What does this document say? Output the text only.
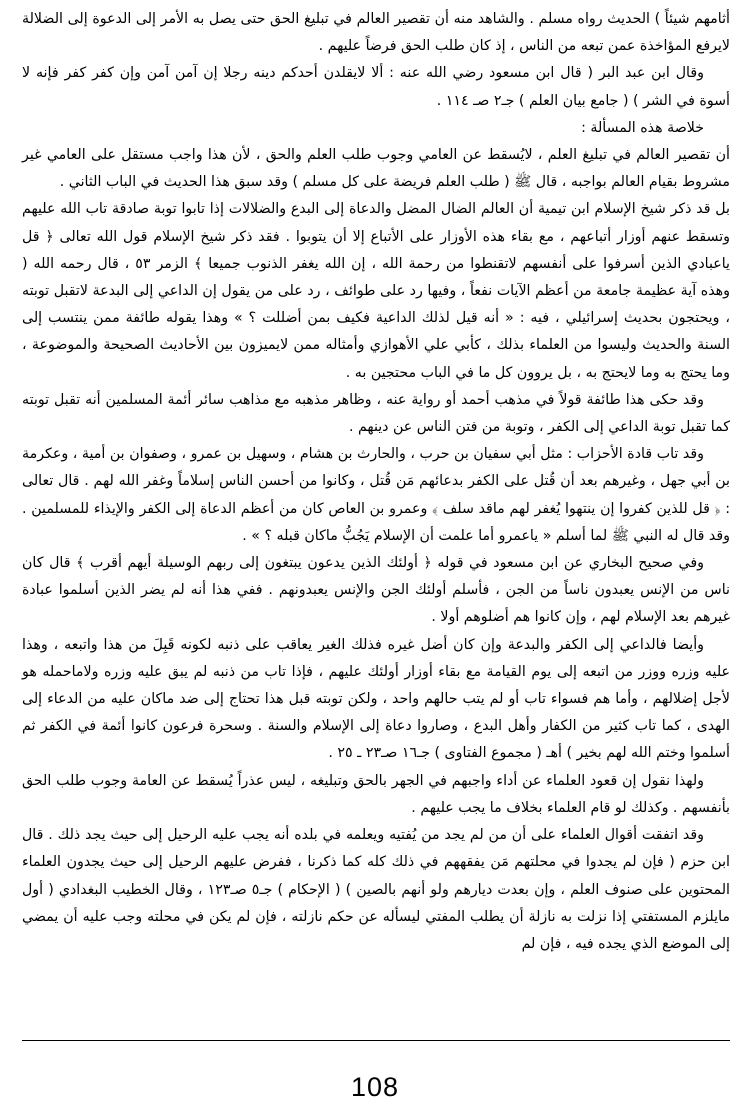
أثامهم شيئاً ) الحديث رواه مسلم . والشاهد منه أن تقصير العالم في تبليغ الحق حتى يصل به الأمر إلى الدعوة إلى الضلالة لايرفع المؤاخذة عمن تبعه من الناس ، إذ كان طلب الحق فرضاً عليهم .

وقال ابن عبد البر ( قال ابن مسعود رضي الله عنه : ألا لايقلدن أحدكم دينه رجلا إن آمن آمن وإن كفر كفر فإنه لا أسوة في الشر ) ( جامع بيان العلم ) جـ٢ صـ ١١٤ .

خلاصة هذه المسألة :

أن تقصير العالم في تبليغ العلم ، لايُسقط عن العامي وجوب طلب العلم والحق ، لأن هذا واجب مستقل على العامي غير مشروط بقيام العالم بواجبه ، قال ﷺ ( طلب العلم فريضة على كل مسلم ) وقد سبق هذا الحديث في الباب الثاني .

بل قد ذكر شيخ الإسلام ابن تيمية أن العالم الضال المضل والدعاة إلى البدع والضلالات إذا تابوا توبة صادقة تاب الله عليهم وتسقط عنهم أوزار أتباعهم ، مع بقاء هذه الأوزار على الأتباع إلا أن يتوبوا . فقد ذكر شيخ الإسلام قول الله تعالى ﴿ قل ياعبادي الذين أسرفوا على أنفسهم لاتقنطوا من رحمة الله ، إن الله يغفر الذنوب جميعا ﴾ الزمر ٥٣ ، قال رحمه الله ( وهذه آية عظيمة جامعة من أعظم الآيات نفعاً ، وفيها رد على طوائف ، رد على من يقول إن الداعي إلى البدعة لاتقبل توبته ، ويحتجون بحديث إسرائيلي ، فيه : « أنه قيل لذلك الداعية فكيف بمن أضللت ؟ » وهذا يقوله طائفة ممن ينتسب إلى السنة والحديث وليسوا من العلماء بذلك ، كأبي علي الأهوازي وأمثاله ممن لايميزون بين الأحاديث الصحيحة والموضوعة ، وما يحتج به وما لايحتج به ، بل يروون كل ما في الباب محتجين به .

وقد حكى هذا طائفة قولاً في مذهب أحمد أو رواية عنه ، وظاهر مذهبه مع مذاهب سائر أئمة المسلمين أنه تقبل توبته كما تقبل توبة الداعي إلى الكفر ، وتوبة من فتن الناس عن دينهم .

وقد تاب قادة الأحزاب : مثل أبي سفيان بن حرب ، والحارث بن هشام ، وسهيل بن عمرو ، وصفوان بن أمية ، وعكرمة بن أبي جهل ، وغيرهم بعد أن قُتل على الكفر بدعائهم مَن قُتل ، وكانوا من أحسن الناس إسلاماً وغفر الله لهم . قال تعالى : ﴿ قل للذين كفروا إن ينتهوا يُغفر لهم ماقد سلف ﴾ وعمرو بن العاص كان من أعظم الدعاة إلى الكفر والإيذاء للمسلمين . وقد قال له النبي ﷺ لما أسلم « ياعمرو أما علمت أن الإسلام يَجُبُّ ماكان قبله ؟ » .

وفي صحيح البخاري عن ابن مسعود في قوله ﴿ أولئك الذين يدعون يبتغون إلى ربهم الوسيلة أيهم أقرب ﴾ قال كان ناس من الإنس يعبدون ناساً من الجن ، فأسلم أولئك الجن والإنس يعبدونهم . ففي هذا أنه لم يضر الذين أسلموا عبادة غيرهم بعد الإسلام لهم ، وإن كانوا هم أضلوهم أولا .

وأيضا فالداعي إلى الكفر والبدعة وإن كان أضل غيره فذلك الغير يعاقب على ذنبه لكونه قَبِلَ من هذا واتبعه ، وهذا عليه وزره ووزر من اتبعه إلى يوم القيامة مع بقاء أوزار أولئك عليهم ، فإذا تاب من ذنبه لم يبق عليه وزره ولاماحمله هو لأجل إضلالهم ، وأما هم فسواء تاب أو لم يتب حالهم واحد ، ولكن توبته قبل هذا تحتاج إلى ضد ماكان عليه من الدعاء إلى الهدى ، كما تاب كثير من الكفار وأهل البدع ، وصاروا دعاة إلى الإسلام والسنة . وسحرة فرعون كانوا أئمة في الكفر ثم أسلموا وختم الله لهم بخير ) أهـ ( مجموع الفتاوى ) جـ١٦ صـ٢٣ ـ ٢٥ .

ولهذا نقول إن قعود العلماء عن أداء واجبهم في الجهر بالحق وتبليغه ، ليس عذراً يُسقط عن العامة وجوب طلب الحق بأنفسهم . وكذلك لو قام العلماء بخلاف ما يجب عليهم .

وقد اتفقت أقوال العلماء على أن من لم يجد من يُفتيه ويعلمه في بلده أنه يجب عليه الرحيل إلى حيث يجد ذلك . قال ابن حزم ( فإن لم يجدوا في محلتهم مَن يفقههم في ذلك كله كما ذكرنا ، ففرض عليهم الرحيل إلى حيث يجدون العلماء المحتوين على صنوف العلم ، وإن بعدت ديارهم ولو أنهم بالصين ) ( الإحكام ) جـ٥ صـ١٢٣ ، وقال الخطيب البغدادي ( أول مايلزم المستفتي إذا نزلت به نازلة أن يطلب المفتي ليسأله عن حكم نازلته ، فإن لم يكن في محلته وجب عليه أن يمضي إلى الموضع الذي يجده فيه ، فإن لم

108
